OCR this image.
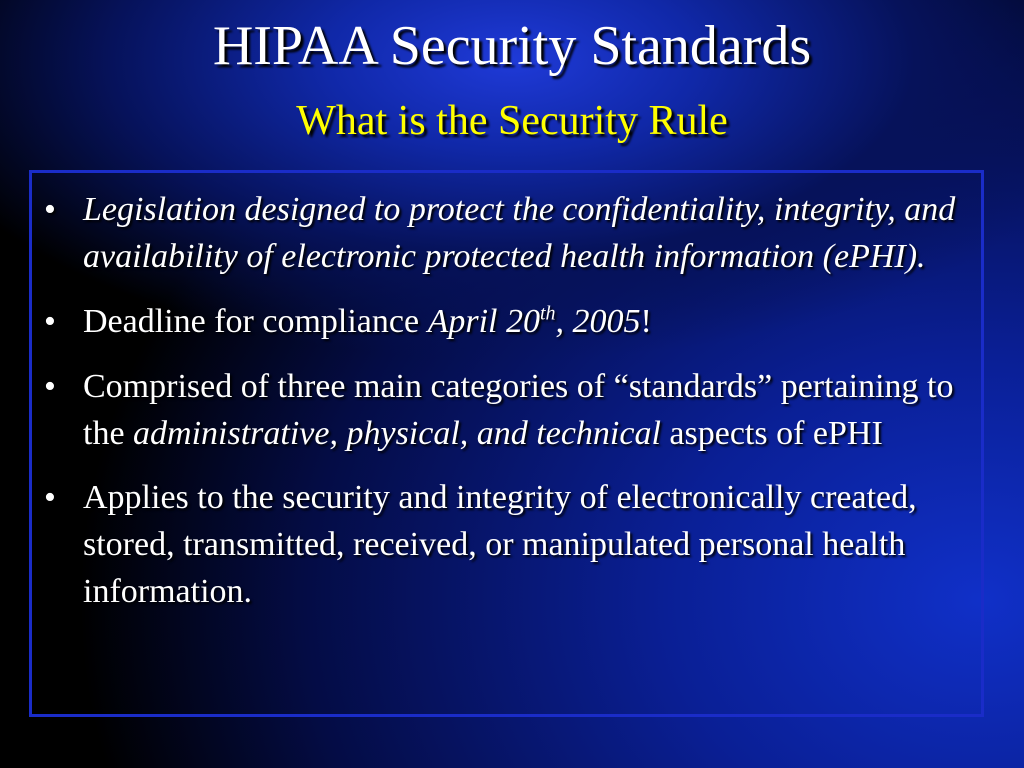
HIPAA Security Standards
What is the Security Rule
• Legislation designed to protect the confidentiality, integrity, and availability of electronic protected health information (ePHI).
• Deadline for compliance April 20th, 2005!
• Comprised of three main categories of “standards” pertaining to the administrative, physical, and technical aspects of ePHI
• Applies to the security and integrity of electronically created, stored, transmitted, received, or manipulated personal health information.
